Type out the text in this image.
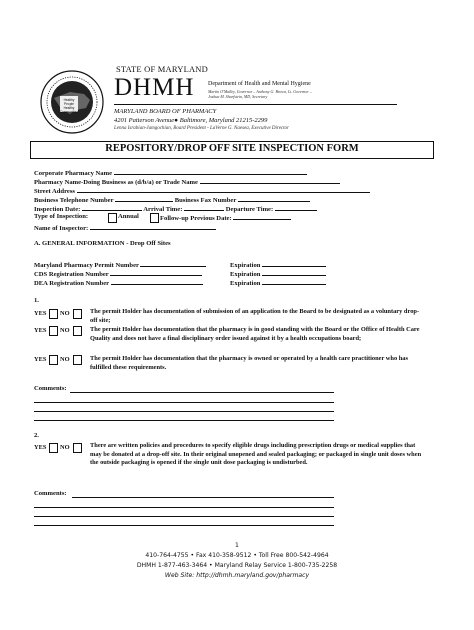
Healthy
People
Healthy
Communities
STATE OF MARYLAND
DHMH Department of Health and Mental Hygiene
Martin O'Malley, Governor – Anthony G. Brown, Lt. Governor –
Joshua M. Sharfstein, MD, Secretary
MARYLAND BOARD OF PHARMACY
4201 Patterson Avenue● Baltimore, Maryland 21215-2299
Lenna Israbian-Jamgochian, Board President - LaVerne G. Naesea, Executive Director
REPOSITORY/DROP OFF SITE INSPECTION FORM
Corporate Pharmacy Name
Pharmacy Name-Doing Business as (d/b/a) or Trade Name
Street Address
Business Telephone Number	Business Fax Number
Inspection Date:	Arrival Time:	Departure Time:
Type of Inspection:	Annual	Follow-up Previous Date:
Name of Inspector:
A. GENERAL INFORMATION - Drop Off Sites
Maryland Pharmacy Permit Number	Expiration
CDS Registration Number	Expiration
DEA Registration Number	Expiration
1.
YES NO	The permit Holder has documentation of submission of an application to the Board to be designated as a voluntary drop-off site;
YES NO	The permit Holder has documentation that the pharmacy is in good standing with the Board or the Office of Health Care Quality and does not have a final disciplinary order issued against it by a health occupations board;
YES NO	The permit Holder has documentation that the pharmacy is owned or operated by a health care practitioner who has fulfilled these requirements.
Comments:
2.
YES NO	There are written policies and procedures to specify eligible drugs including prescription drugs or medical supplies that may be donated at a drop-off site. In their original unopened and sealed packaging; or packaged in single unit doses when the outside packaging is opened if the single unit dose packaging is undisturbed.
Comments:
1
410-764-4755 • Fax 410-358-9512 • Toll Free 800-542-4964
DHMH 1-877-463-3464 • Maryland Relay Service 1-800-735-2258
Web Site: http://dhmh.maryland.gov/pharmacy
